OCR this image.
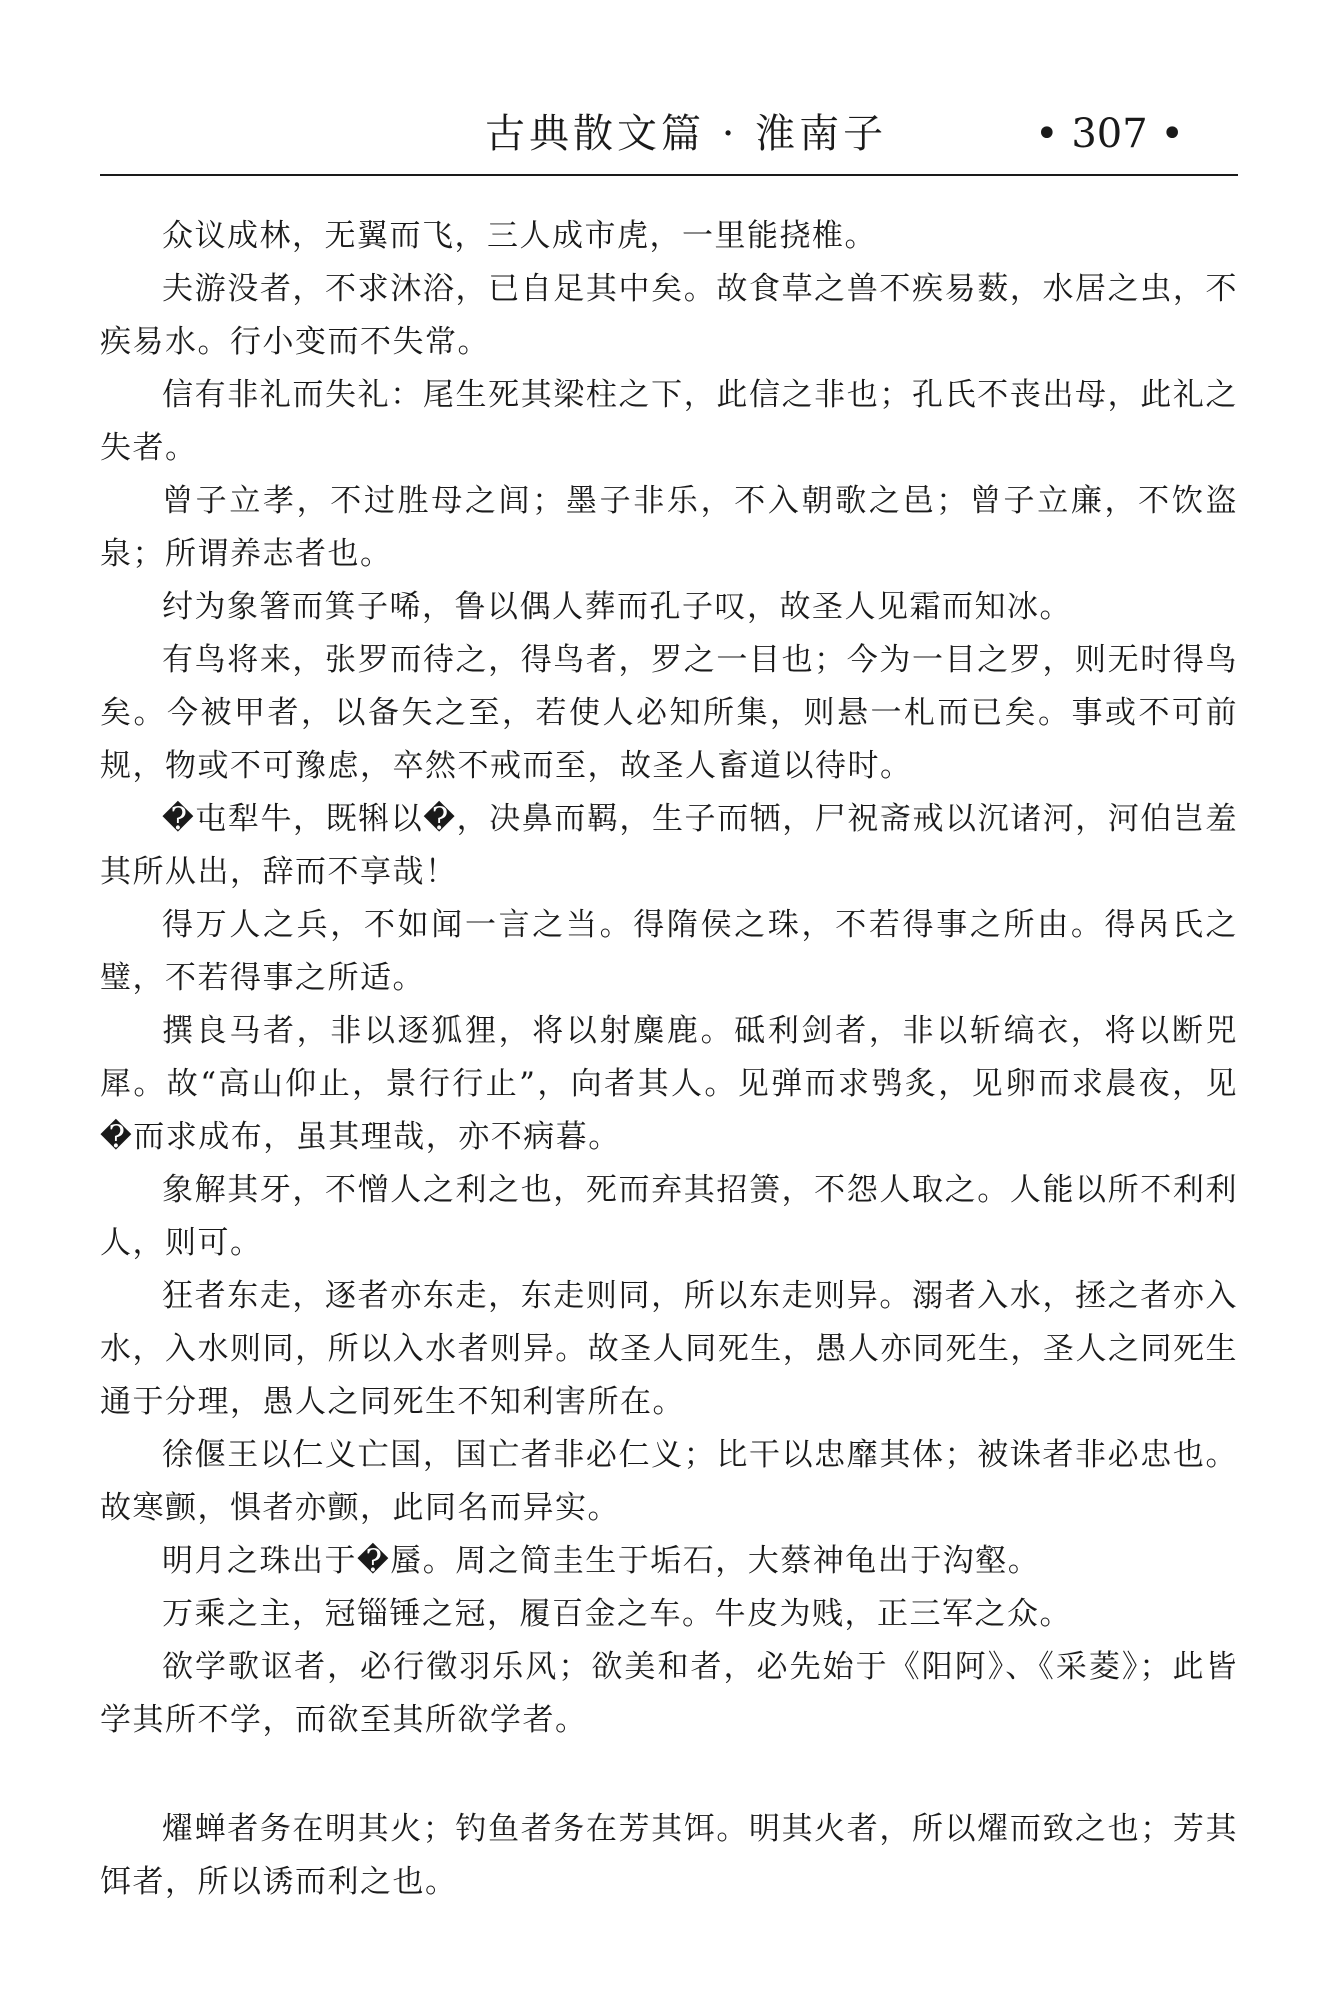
古典散文篇 · 淮南子	• 307 •

众议成林，无翼而飞，三人成市虎，一里能挠椎。

夫游没者，不求沐浴，已自足其中矣。故食草之兽不疾易薮，水居之虫，不疾易水。行小变而不失常。

信有非礼而失礼：尾生死其梁柱之下，此信之非也；孔氏不丧出母，此礼之失者。

曾子立孝，不过胜母之闾；墨子非乐，不入朝歌之邑；曾子立廉，不饮盗泉；所谓养志者也。

纣为象箸而箕子唏，鲁以偶人葬而孔子叹，故圣人见霜而知冰。

有鸟将来，张罗而待之，得鸟者，罗之一目也；今为一目之罗，则无时得鸟矣。今被甲者，以备矢之至，若使人必知所集，则悬一札而已矣。事或不可前规，物或不可豫虑，卒然不戒而至，故圣人畜道以待时。

�屯犁牛，既犐以�，决鼻而羁，生子而牺，尸祝斋戒以沉诸河，河伯岂羞其所从出，辞而不享哉！

得万人之兵，不如闻一言之当。得隋侯之珠，不若得事之所由。得呙氏之璧，不若得事之所适。

撰良马者，非以逐狐狸，将以射麋鹿。砥利剑者，非以斩缟衣，将以断兕犀。故“高山仰止，景行行止”，向者其人。见弹而求鸮炙，见卵而求晨夜，见�而求成布，虽其理哉，亦不病暮。

象解其牙，不憎人之利之也，死而弃其招箦，不怨人取之。人能以所不利利人，则可。

狂者东走，逐者亦东走，东走则同，所以东走则异。溺者入水，拯之者亦入水，入水则同，所以入水者则异。故圣人同死生，愚人亦同死生，圣人之同死生通于分理，愚人之同死生不知利害所在。

徐偃王以仁义亡国，国亡者非必仁义；比干以忠靡其体；被诛者非必忠也。故寒颤，惧者亦颤，此同名而异实。

明月之珠出于�蜃。周之简圭生于垢石，大蔡神龟出于沟壑。

万乘之主，冠锱锤之冠，履百金之车。牛皮为贱，正三军之众。

欲学歌讴者，必行徵羽乐风；欲美和者，必先始于《阳阿》、《采菱》；此皆学其所不学，而欲至其所欲学者。

燿蝉者务在明其火；钓鱼者务在芳其饵。明其火者，所以燿而致之也；芳其饵者，所以诱而利之也。
